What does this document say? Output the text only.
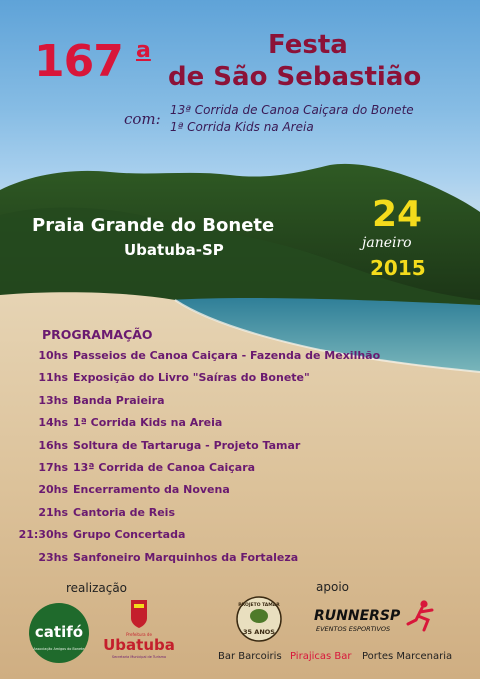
167 a	Festa
de São Sebastião
com: 13ª Corrida de Canoa Caiçara do Bonete
1ª Corrida Kids na Areia
Praia Grande do Bonete
Ubatuba-SP
24
janeiro
2015
PROGRAMAÇÃO
10hs Passeios de Canoa Caiçara - Fazenda de Mexilhão
11hs Exposição do Livro "Saíras do Bonete"
13hs Banda Praieira
14hs 1ª Corrida Kids na Areia
16hs Soltura de Tartaruga - Projeto Tamar
17hs 13ª Corrida de Canoa Caiçara
20hs Encerramento da Novena
21hs Cantoria de Reis
21:30hs Grupo Concertada
23hs Sanfoneiro Marquinhos da Fortaleza
realização	apoio
catifó
Associação Amigos do Bonete
Prefeitura de
Ubatuba
Secretaria Municipal de Turismo
PROJETO TAMAR
35 ANOS
RUNNERSP
EVENTOS ESPORTIVOS
Bar Barcoiris Pirajicas Bar Portes Marcenaria
